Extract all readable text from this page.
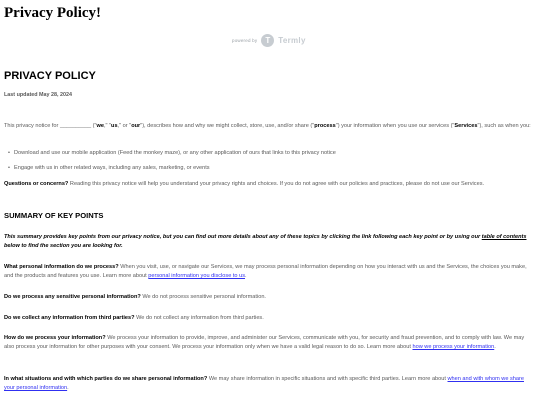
Privacy Policy!
powered by T Termly
PRIVACY POLICY
Last updated May 28, 2024

This privacy notice for __________ ("we," "us," or "our"), describes how and why we might collect, store, use, and/or share ("process") your information when you use our services ("Services"), such as when you:

• Download and use our mobile application (Feed the monkey maze), or any other application of ours that links to this privacy notice
• Engage with us in other related ways, including any sales, marketing, or events

Questions or concerns? Reading this privacy notice will help you understand your privacy rights and choices. If you do not agree with our policies and practices, please do not use our Services.

SUMMARY OF KEY POINTS

This summary provides key points from our privacy notice, but you can find out more details about any of these topics by clicking the link following each key point or by using our table of contents below to find the section you are looking for.

What personal information do we process? When you visit, use, or navigate our Services, we may process personal information depending on how you interact with us and the Services, the choices you make, and the products and features you use. Learn more about personal information you disclose to us.

Do we process any sensitive personal information? We do not process sensitive personal information.

Do we collect any information from third parties? We do not collect any information from third parties.

How do we process your information? We process your information to provide, improve, and administer our Services, communicate with you, for security and fraud prevention, and to comply with law. We may also process your information for other purposes with your consent. We process your information only when we have a valid legal reason to do so. Learn more about how we process your information.

In what situations and with which parties do we share personal information? We may share information in specific situations and with specific third parties. Learn more about when and with whom we share your personal information.
